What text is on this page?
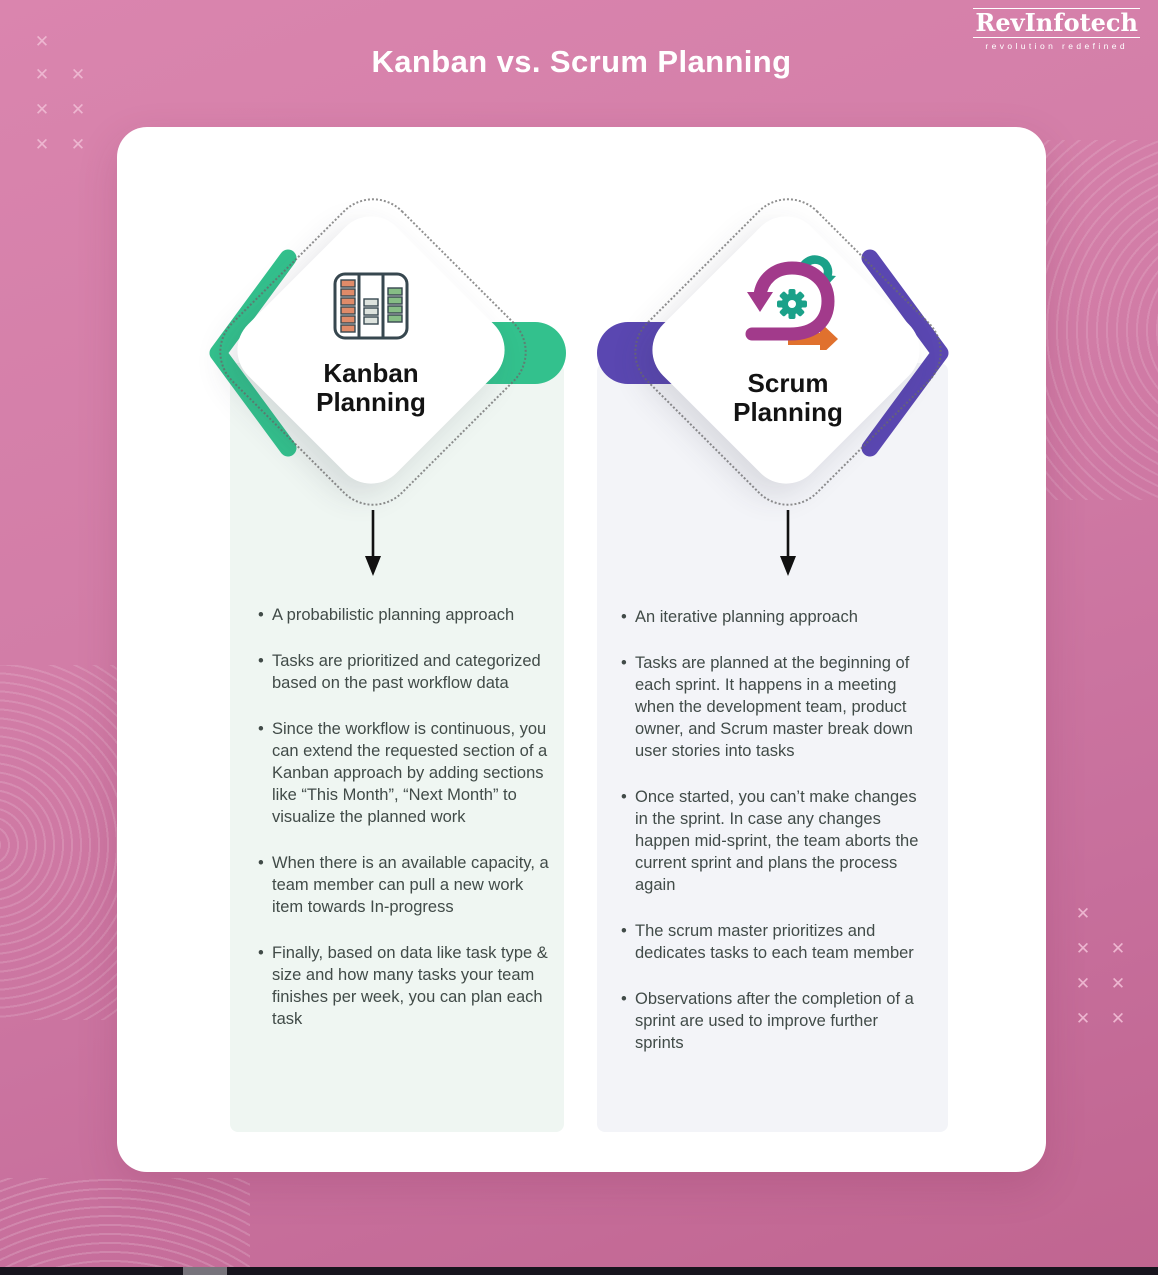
✕
✕
✕
✕
✕
✕
✕
✕
✕
✕
✕
✕
✕
✕
RevInfotech
revolution redefined
Kanban vs. Scrum Planning
Kanban
Planning
Scrum
Planning
• A probabilistic planning approach
• Tasks are prioritized and categorized based on the past workflow data
• Since the workflow is continuous, you can extend the requested section of a Kanban approach by adding sections like “This Month”, “Next Month” to visualize the planned work
• When there is an available capacity, a team member can pull a new work item towards In-progress
• Finally, based on data like task type & size and how many tasks your team finishes per week, you can plan each task
• An iterative planning approach
• Tasks are planned at the beginning of each sprint. It happens in a meeting when the development team, product owner, and Scrum master break down user stories into tasks
• Once started, you can’t make changes in the sprint. In case any changes happen mid-sprint, the team aborts the current sprint and plans the process again
• The scrum master prioritizes and dedicates tasks to each team member
• Observations after the completion of a sprint are used to improve further sprints
